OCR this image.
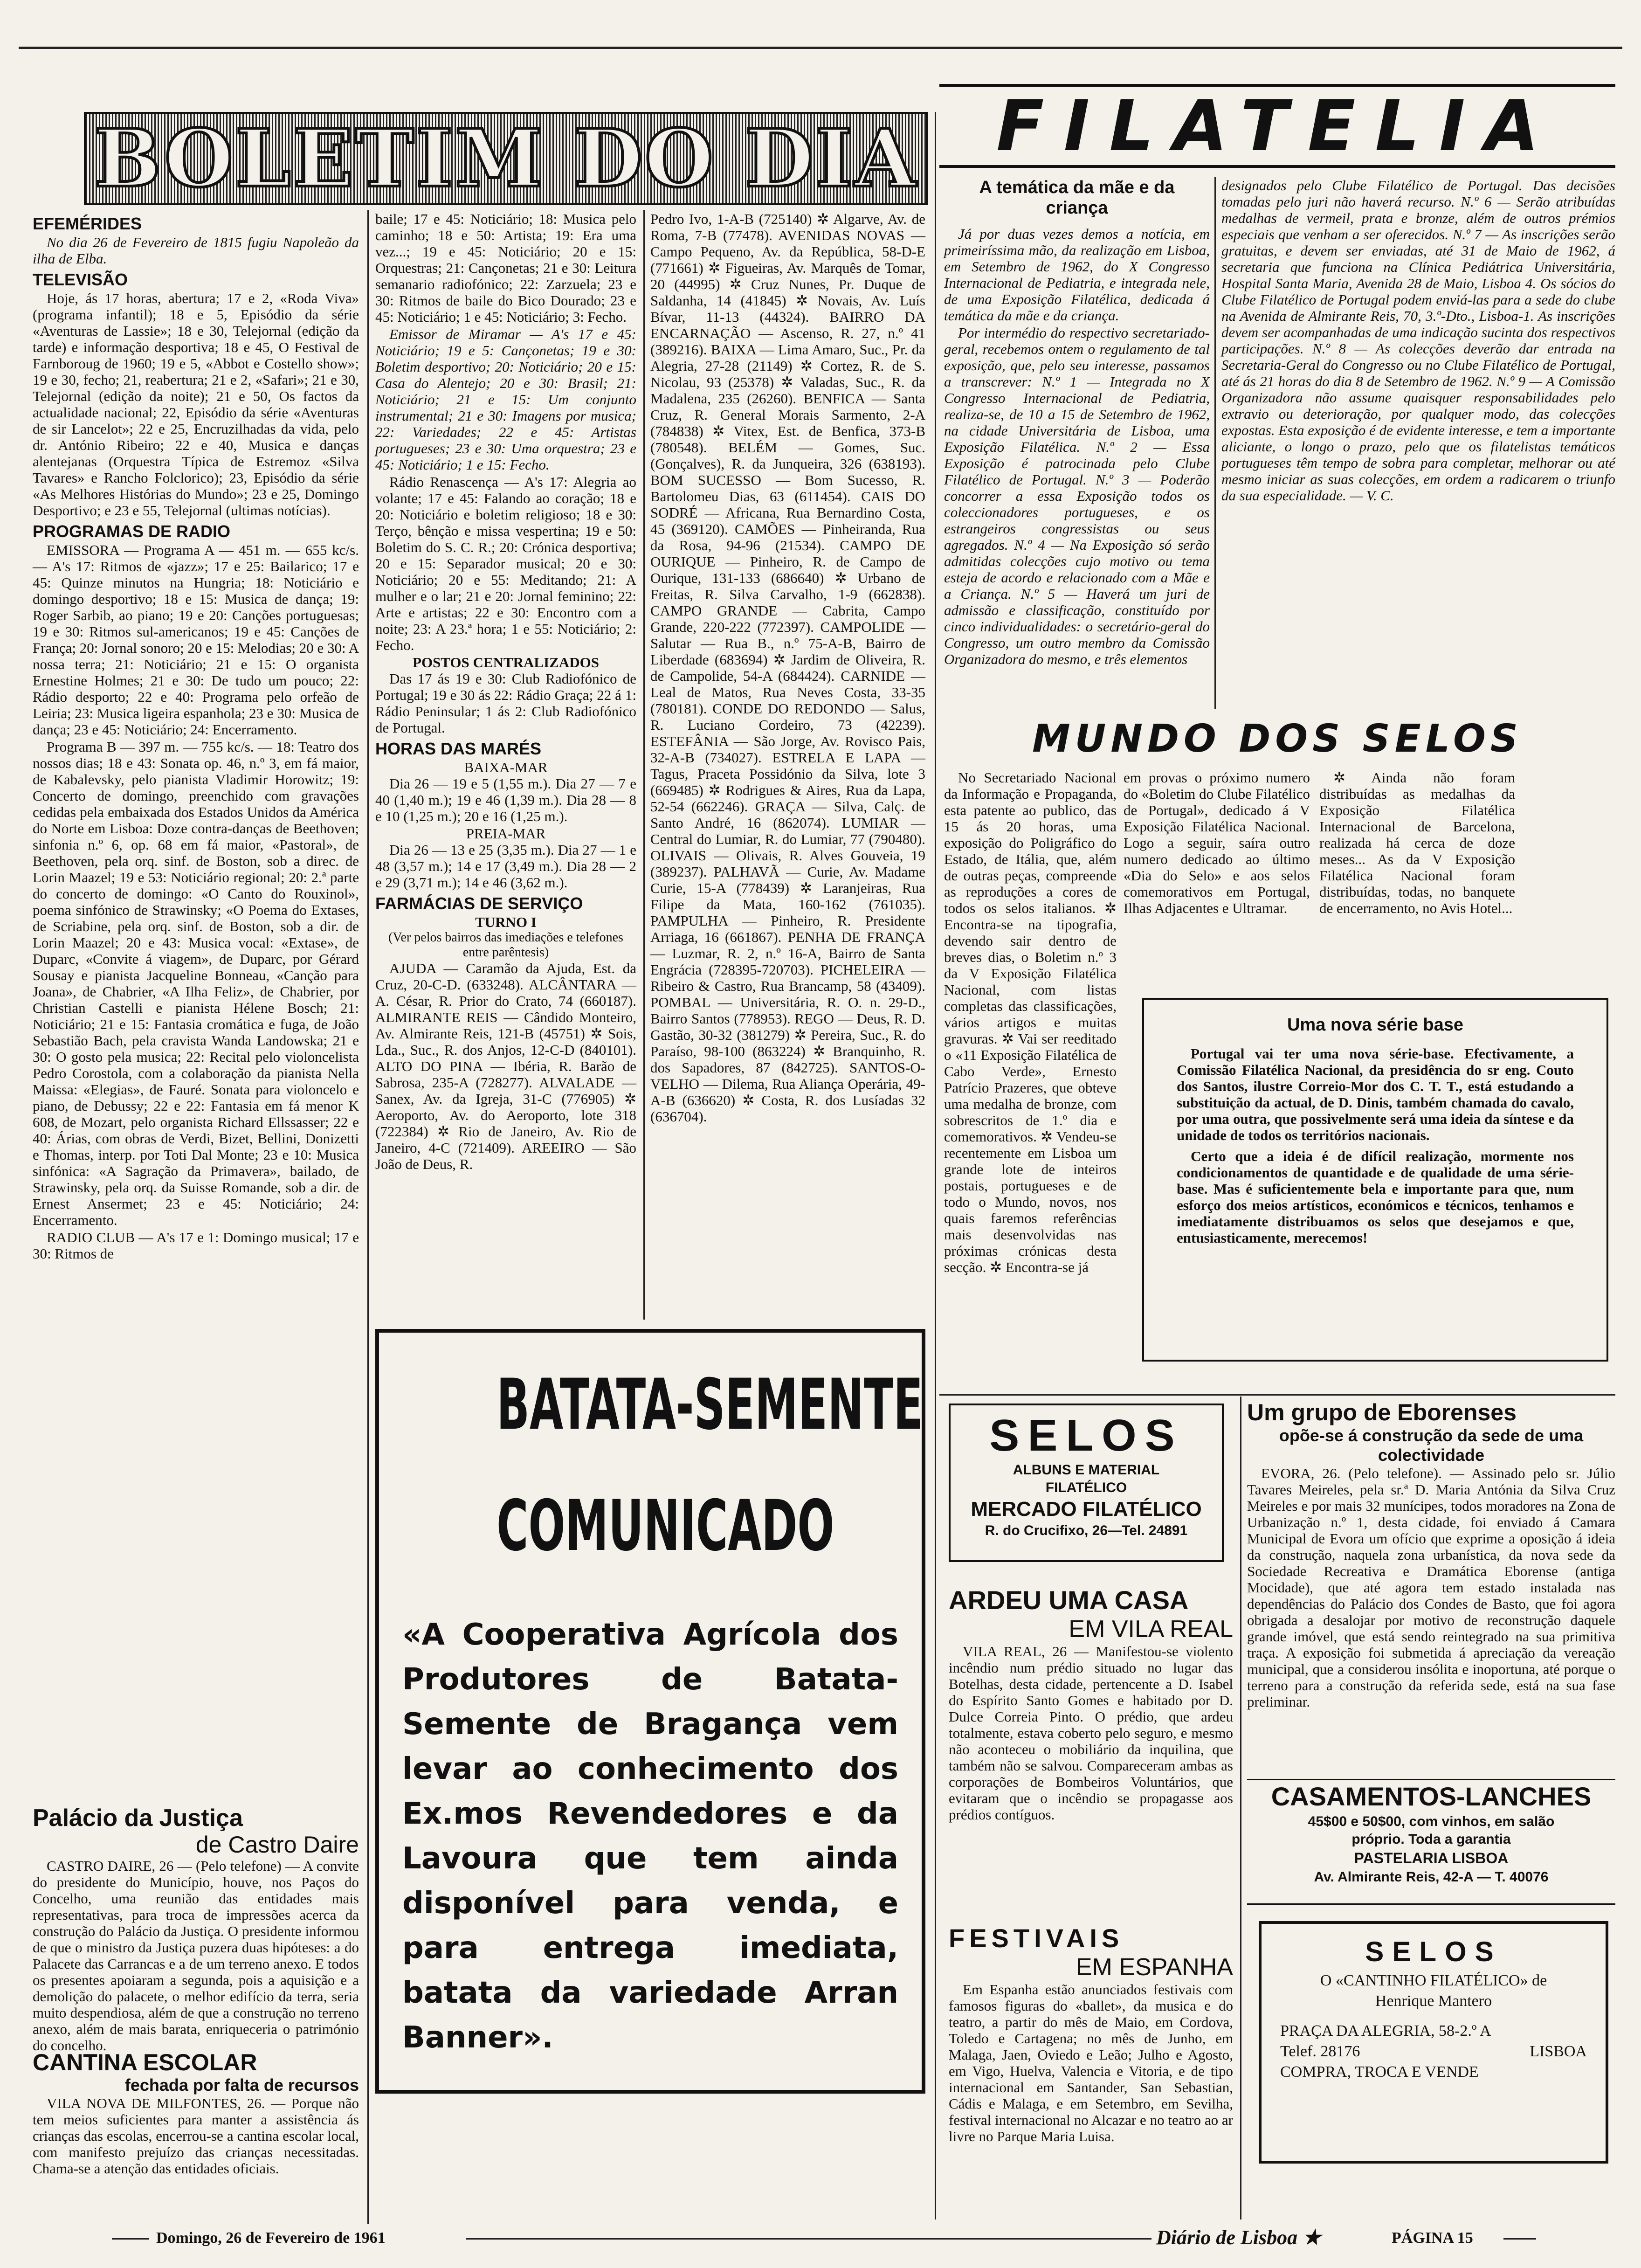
BOLETIM DO DIA
EFEMÉRIDES

No dia 26 de Fevereiro de 1815 fugiu Napoleão da ilha de Elba.

TELEVISÃO

Hoje, ás 17 horas, abertura; 17 e 2, «Roda Viva» (programa infantil); 18 e 5, Episódio da série «Aventuras de Lassie»; 18 e 30, Telejornal (edição da tarde) e informação desportiva; 18 e 45, O Festival de Farnboroug de 1960; 19 e 5, «Abbot e Costello show»; 19 e 30, fecho; 21, reabertura; 21 e 2, «Safari»; 21 e 30, Telejornal (edição da noite); 21 e 50, Os factos da actualidade nacional; 22, Episódio da série «Aventuras de sir Lancelot»; 22 e 25, Encruzilhadas da vida, pelo dr. António Ribeiro; 22 e 40, Musica e danças alentejanas (Orquestra Típica de Estremoz «Silva Tavares» e Rancho Folclorico); 23, Episódio da série «As Melhores Histórias do Mundo»; 23 e 25, Domingo Desportivo; e 23 e 55, Telejornal (ultimas notícias).

PROGRAMAS DE RADIO

EMISSORA — Programa A — 451 m. — 655 kc/s. — A's 17: Ritmos de «jazz»; 17 e 25: Bailarico; 17 e 45: Quinze minutos na Hungria; 18: Noticiário e domingo desportivo; 18 e 15: Musica de dança; 19: Roger Sarbib, ao piano; 19 e 20: Canções portuguesas; 19 e 30: Ritmos sul-americanos; 19 e 45: Canções de França; 20: Jornal sonoro; 20 e 15: Melodias; 20 e 30: A nossa terra; 21: Noticiário; 21 e 15: O organista Ernestine Holmes; 21 e 30: De tudo um pouco; 22: Rádio desporto; 22 e 40: Programa pelo orfeão de Leiria; 23: Musica ligeira espanhola; 23 e 30: Musica de dança; 23 e 45: Noticiário; 24: Encerramento.

Programa B — 397 m. — 755 kc/s. — 18: Teatro dos nossos dias; 18 e 43: Sonata op. 46, n.º 3, em fá maior, de Kabalevsky, pelo pianista Vladimir Horowitz; 19: Concerto de domingo, preenchido com gravações cedidas pela embaixada dos Estados Unidos da América do Norte em Lisboa: Doze contra-danças de Beethoven; sinfonia n.º 6, op. 68 em fá maior, «Pastoral», de Beethoven, pela orq. sinf. de Boston, sob a direc. de Lorin Maazel; 19 e 53: Noticiário regional; 20: 2.ª parte do concerto de domingo: «O Canto do Rouxinol», poema sinfónico de Strawinsky; «O Poema do Extases, de Scriabine, pela orq. sinf. de Boston, sob a dir. de Lorin Maazel; 20 e 43: Musica vocal: «Extase», de Duparc, «Convite á viagem», de Duparc, por Gérard Sousay e pianista Jacqueline Bonneau, «Canção para Joana», de Chabrier, «A Ilha Feliz», de Chabrier, por Christian Castelli e pianista Hélene Bosch; 21: Noticiário; 21 e 15: Fantasia cromática e fuga, de João Sebastião Bach, pela cravista Wanda Landowska; 21 e 30: O gosto pela musica; 22: Recital pelo violoncelista Pedro Corostola, com a colaboração da pianista Nella Maissa: «Elegias», de Fauré. Sonata para violoncelo e piano, de Debussy; 22 e 22: Fantasia em fá menor K 608, de Mozart, pelo organista Richard Ellssasser; 22 e 40: Árias, com obras de Verdi, Bizet, Bellini, Donizetti e Thomas, interp. por Toti Dal Monte; 23 e 10: Musica sinfónica: «A Sagração da Primavera», bailado, de Strawinsky, pela orq. da Suisse Romande, sob a dir. de Ernest Ansermet; 23 e 45: Noticiário; 24: Encerramento.

RADIO CLUB — A's 17 e 1: Domingo musical; 17 e 30: Ritmos de

Palácio da Justiça
de Castro Daire

CASTRO DAIRE, 26 — (Pelo telefone) — A convite do presidente do Município, houve, nos Paços do Concelho, uma reunião das entidades mais representativas, para troca de impressões acerca da construção do Palácio da Justiça. O presidente informou de que o ministro da Justiça puzera duas hipóteses: a do Palacete das Carrancas e a de um terreno anexo. E todos os presentes apoiaram a segunda, pois a aquisição e a demolição do palacete, o melhor edifício da terra, seria muito despendiosa, além de que a construção no terreno anexo, além de mais barata, enriqueceria o património do concelho.

CANTINA ESCOLAR
fechada por falta de recursos

VILA NOVA DE MILFONTES, 26. — Porque não tem meios suficientes para manter a assistência ás crianças das escolas, encerrou-se a cantina escolar local, com manifesto prejuízo das crianças necessitadas. Chama-se a atenção das entidades oficiais.

baile; 17 e 45: Noticiário; 18: Musica pelo caminho; 18 e 50: Artista; 19: Era uma vez...; 19 e 45: Noticiário; 20 e 15: Orquestras; 21: Cançonetas; 21 e 30: Leitura semanario radiofónico; 22: Zarzuela; 23 e 30: Ritmos de baile do Bico Dourado; 23 e 45: Noticiário; 1 e 45: Noticiário; 3: Fecho.

Emissor de Miramar — A's 17 e 45: Noticiário; 19 e 5: Cançonetas; 19 e 30: Boletim desportivo; 20: Noticiário; 20 e 15: Casa do Alentejo; 20 e 30: Brasil; 21: Noticiário; 21 e 15: Um conjunto instrumental; 21 e 30: Imagens por musica; 22: Variedades; 22 e 45: Artistas portugueses; 23 e 30: Uma orquestra; 23 e 45: Noticiário; 1 e 15: Fecho.

Rádio Renascença — A's 17: Alegria ao volante; 17 e 45: Falando ao coração; 18 e 20: Noticiário e boletim religioso; 18 e 30: Terço, bênção e missa vespertina; 19 e 50: Boletim do S. C. R.; 20: Crónica desportiva; 20 e 15: Separador musical; 20 e 30: Noticiário; 20 e 55: Meditando; 21: A mulher e o lar; 21 e 20: Jornal feminino; 22: Arte e artistas; 22 e 30: Encontro com a noite; 23: A 23.ª hora; 1 e 55: Noticiário; 2: Fecho.

POSTOS CENTRALIZADOS

Das 17 ás 19 e 30: Club Radiofónico de Portugal; 19 e 30 ás 22: Rádio Graça; 22 á 1: Rádio Peninsular; 1 ás 2: Club Radiofónico de Portugal.

HORAS DAS MARÉS
BAIXA-MAR

Dia 26 — 19 e 5 (1,55 m.). Dia 27 — 7 e 40 (1,40 m.); 19 e 46 (1,39 m.). Dia 28 — 8 e 10 (1,25 m.); 20 e 16 (1,25 m.).

PREIA-MAR

Dia 26 — 13 e 25 (3,35 m.). Dia 27 — 1 e 48 (3,57 m.); 14 e 17 (3,49 m.). Dia 28 — 2 e 29 (3,71 m.); 14 e 46 (3,62 m.).

FARMÁCIAS DE SERVIÇO
TURNO I
(Ver pelos bairros das imediações e telefones entre parêntesis)

AJUDA — Caramão da Ajuda, Est. da Cruz, 20-C-D. (633248). ALCÂNTARA — A. César, R. Prior do Crato, 74 (660187). ALMIRANTE REIS — Cândido Monteiro, Av. Almirante Reis, 121-B (45751) ✲ Sois, Lda., Suc., R. dos Anjos, 12-C-D (840101). ALTO DO PINA — Ibéria, R. Barão de Sabrosa, 235-A (728277). ALVALADE — Sanex, Av. da Igreja, 31-C (776905) ✲ Aeroporto, Av. do Aeroporto, lote 318 (722384) ✲ Rio de Janeiro, Av. Rio de Janeiro, 4-C (721409). AREEIRO — São João de Deus, R.

Pedro Ivo, 1-A-B (725140) ✲ Algarve, Av. de Roma, 7-B (77478). AVENIDAS NOVAS — Campo Pequeno, Av. da República, 58-D-E (771661) ✲ Figueiras, Av. Marquês de Tomar, 20 (44995) ✲ Cruz Nunes, Pr. Duque de Saldanha, 14 (41845) ✲ Novais, Av. Luís Bívar, 11-13 (44324). BAIRRO DA ENCARNAÇÃO — Ascenso, R. 27, n.º 41 (389216). BAIXA — Lima Amaro, Suc., Pr. da Alegria, 27-28 (21149) ✲ Cortez, R. de S. Nicolau, 93 (25378) ✲ Valadas, Suc., R. da Madalena, 235 (26260). BENFICA — Santa Cruz, R. General Morais Sarmento, 2-A (784838) ✲ Vitex, Est. de Benfica, 373-B (780548). BELÉM — Gomes, Suc. (Gonçalves), R. da Junqueira, 326 (638193). BOM SUCESSO — Bom Sucesso, R. Bartolomeu Dias, 63 (611454). CAIS DO SODRÉ — Africana, Rua Bernardino Costa, 45 (369120). CAMÕES — Pinheiranda, Rua da Rosa, 94-96 (21534). CAMPO DE OURIQUE — Pinheiro, R. de Campo de Ourique, 131-133 (686640) ✲ Urbano de Freitas, R. Silva Carvalho, 1-9 (662838). CAMPO GRANDE — Cabrita, Campo Grande, 220-222 (772397). CAMPOLIDE — Salutar — Rua B., n.º 75-A-B, Bairro de Liberdade (683694) ✲ Jardim de Oliveira, R. de Campolide, 54-A (684424). CARNIDE — Leal de Matos, Rua Neves Costa, 33-35 (780181). CONDE DO REDONDO — Salus, R. Luciano Cordeiro, 73 (42239). ESTEFÂNIA — São Jorge, Av. Rovisco Pais, 32-A-B (734027). ESTRELA E LAPA — Tagus, Praceta Possidónio da Silva, lote 3 (669485) ✲ Rodrigues & Aires, Rua da Lapa, 52-54 (662246). GRAÇA — Silva, Calç. de Santo André, 16 (862074). LUMIAR — Central do Lumiar, R. do Lumiar, 77 (790480). OLIVAIS — Olivais, R. Alves Gouveia, 19 (389237). PALHAVÃ — Curie, Av. Madame Curie, 15-A (778439) ✲ Laranjeiras, Rua Filipe da Mata, 160-162 (761035). PAMPULHA — Pinheiro, R. Presidente Arriaga, 16 (661867). PENHA DE FRANÇA — Luzmar, R. 2, n.º 16-A, Bairro de Santa Engrácia (728395-720703). PICHELEIRA — Ribeiro & Castro, Rua Brancamp, 58 (43409). POMBAL — Universitária, R. O. n. 29-D., Bairro Santos (778953). REGO — Deus, R. D. Gastão, 30-32 (381279) ✲ Pereira, Suc., R. do Paraíso, 98-100 (863224) ✲ Branquinho, R. dos Sapadores, 87 (842725). SANTOS-O-VELHO — Dilema, Rua Aliança Operária, 49-A-B (636620) ✲ Costa, R. dos Lusíadas 32 (636704).

BATATA-SEMENTE
COMUNICADO
«A Cooperativa Agrícola dos Produtores de Batata-Semente de Bragança vem levar ao conhecimento dos Ex.mos Revendedores e da Lavoura que tem ainda disponível para venda, e para entrega imediata, batata da variedade Arran Banner».
FILATELIA
A temática da mãe e da criança

Já por duas vezes demos a notícia, em primeiríssima mão, da realização em Lisboa, em Setembro de 1962, do X Congresso Internacional de Pediatria, e integrada nele, de uma Exposição Filatélica, dedicada á temática da mãe e da criança.

Por intermédio do respectivo secretariado-geral, recebemos ontem o regulamento de tal exposição, que, pelo seu interesse, passamos a transcrever: N.º 1 — Integrada no X Congresso Internacional de Pediatria, realiza-se, de 10 a 15 de Setembro de 1962, na cidade Universitária de Lisboa, uma Exposição Filatélica. N.º 2 — Essa Exposição é patrocinada pelo Clube Filatélico de Portugal. N.º 3 — Poderão concorrer a essa Exposição todos os coleccionadores portugueses, e os estrangeiros congressistas ou seus agregados. N.º 4 — Na Exposição só serão admitidas colecções cujo motivo ou tema esteja de acordo e relacionado com a Mãe e a Criança. N.º 5 — Haverá um juri de admissão e classificação, constituído por cinco individualidades: o secretário-geral do Congresso, um outro membro da Comissão Organizadora do mesmo, e três elementos

designados pelo Clube Filatélico de Portugal. Das decisões tomadas pelo juri não haverá recurso. N.º 6 — Serão atribuídas medalhas de vermeil, prata e bronze, além de outros prémios especiais que venham a ser oferecidos. N.º 7 — As inscrições serão gratuitas, e devem ser enviadas, até 31 de Maio de 1962, á secretaria que funciona na Clínica Pediátrica Universitária, Hospital Santa Maria, Avenida 28 de Maio, Lisboa 4. Os sócios do Clube Filatélico de Portugal podem enviá-las para a sede do clube na Avenida de Almirante Reis, 70, 3.º-Dto., Lisboa-1. As inscrições devem ser acompanhadas de uma indicação sucinta dos respectivos participações. N.º 8 — As colecções deverão dar entrada na Secretaria-Geral do Congresso ou no Clube Filatélico de Portugal, até ás 21 horas do dia 8 de Setembro de 1962. N.º 9 — A Comissão Organizadora não assume quaisquer responsabilidades pelo extravio ou deterioração, por qualquer modo, das colecções expostas. Esta exposição é de evidente interesse, e tem a importante aliciante, o longo o prazo, pelo que os filatelistas temáticos portugueses têm tempo de sobra para completar, melhorar ou até mesmo iniciar as suas colecções, em ordem a radicarem o triunfo da sua especialidade. — V. C.

MUNDO DOS SELOS

No Secretariado Nacional da Informação e Propaganda, esta patente ao publico, das 15 ás 20 horas, uma exposição do Poligráfico do Estado, de Itália, que, além de outras peças, compreende as reproduções a cores de todos os selos italianos. ✲ Encontra-se na tipografia, devendo sair dentro de breves dias, o Boletim n.º 3 da V Exposição Filatélica Nacional, com listas completas das classificações, vários artigos e muitas gravuras. ✲ Vai ser reeditado o «11 Exposição Filatélica de Cabo Verde», Ernesto Patrício Prazeres, que obteve uma medalha de bronze, com sobrescritos de 1.º dia e comemorativos. ✲ Vendeu-se recentemente em Lisboa um grande lote de inteiros postais, portugueses e de todo o Mundo, novos, nos quais faremos referências mais desenvolvidas nas próximas crónicas desta secção. ✲ Encontra-se já

em provas o próximo numero do «Boletim do Clube Filatélico de Portugal», dedicado á V Exposição Filatélica Nacional. Logo a seguir, saíra outro numero dedicado ao último «Dia do Selo» e aos selos comemorativos em Portugal, Ilhas Adjacentes e Ultramar.

✲ Ainda não foram distribuídas as medalhas da Exposição Filatélica Internacional de Barcelona, realizada há cerca de doze meses... As da V Exposição Filatélica Nacional foram distribuídas, todas, no banquete de encerramento, no Avis Hotel...

Uma nova série base

Portugal vai ter uma nova série-base. Efectivamente, a Comissão Filatélica Nacional, da presidência do sr eng. Couto dos Santos, ilustre Correio-Mor dos C. T. T., está estudando a substituição da actual, de D. Dinis, também chamada do cavalo, por uma outra, que possivelmente será uma ideia da síntese e da unidade de todos os territórios nacionais.

Certo que a ideia é de difícil realização, mormente nos condicionamentos de quantidade e de qualidade de uma série-base. Mas é suficientemente bela e importante para que, num esforço dos meios artísticos, económicos e técnicos, tenhamos e imediatamente distribuamos os selos que desejamos e que, entusiasticamente, merecemos!

SELOS
ALBUNS E MATERIAL
FILATÉLICO
MERCADO FILATÉLICO
R. do Crucifixo, 26—Tel. 24891
ARDEU UMA CASA
EM VILA REAL

VILA REAL, 26 — Manifestou-se violento incêndio num prédio situado no lugar das Botelhas, desta cidade, pertencente a D. Isabel do Espírito Santo Gomes e habitado por D. Dulce Correia Pinto. O prédio, que ardeu totalmente, estava coberto pelo seguro, e mesmo não aconteceu o mobiliário da inquilina, que também não se salvou. Compareceram ambas as corporações de Bombeiros Voluntários, que evitaram que o incêndio se propagasse aos prédios contíguos.

FESTIVAIS
EM ESPANHA

Em Espanha estão anunciados festivais com famosos figuras do «ballet», da musica e do teatro, a partir do mês de Maio, em Cordova, Toledo e Cartagena; no mês de Junho, em Malaga, Jaen, Oviedo e Leão; Julho e Agosto, em Vigo, Huelva, Valencia e Vitoria, e de tipo internacional em Santander, San Sebastian, Cádis e Malaga, e em Setembro, em Sevilha, festival internacional no Alcazar e no teatro ao ar livre no Parque Maria Luisa.

Um grupo de Eborenses
opõe-se á construção da sede de uma colectividade

EVORA, 26. (Pelo telefone). — Assinado pelo sr. Júlio Tavares Meireles, pela sr.ª D. Maria Antónia da Silva Cruz Meireles e por mais 32 munícipes, todos moradores na Zona de Urbanização n.º 1, desta cidade, foi enviado á Camara Municipal de Evora um ofício que exprime a oposição á ideia da construção, naquela zona urbanística, da nova sede da Sociedade Recreativa e Dramática Eborense (antiga Mocidade), que até agora tem estado instalada nas dependências do Palácio dos Condes de Basto, que foi agora obrigada a desalojar por motivo de reconstrução daquele grande imóvel, que está sendo reintegrado na sua primitiva traça. A exposição foi submetida á apreciação da vereação municipal, que a considerou insólita e inoportuna, até porque o terreno para a construção da referida sede, está na sua fase preliminar.

CASAMENTOS-LANCHES
45$00 e 50$00, com vinhos, em salão próprio. Toda a garantia
PASTELARIA LISBOA
Av. Almirante Reis, 42-A — T. 40076
SELOS
O «CANTINHO FILATÉLICO» de Henrique Mantero
PRAÇA DA ALEGRIA, 58-2.º A
Telef. 28176	LISBOA
COMPRA, TROCA E VENDE
Domingo, 26 de Fevereiro de 1961	Diário de Lisboa ★	PÁGINA 15
